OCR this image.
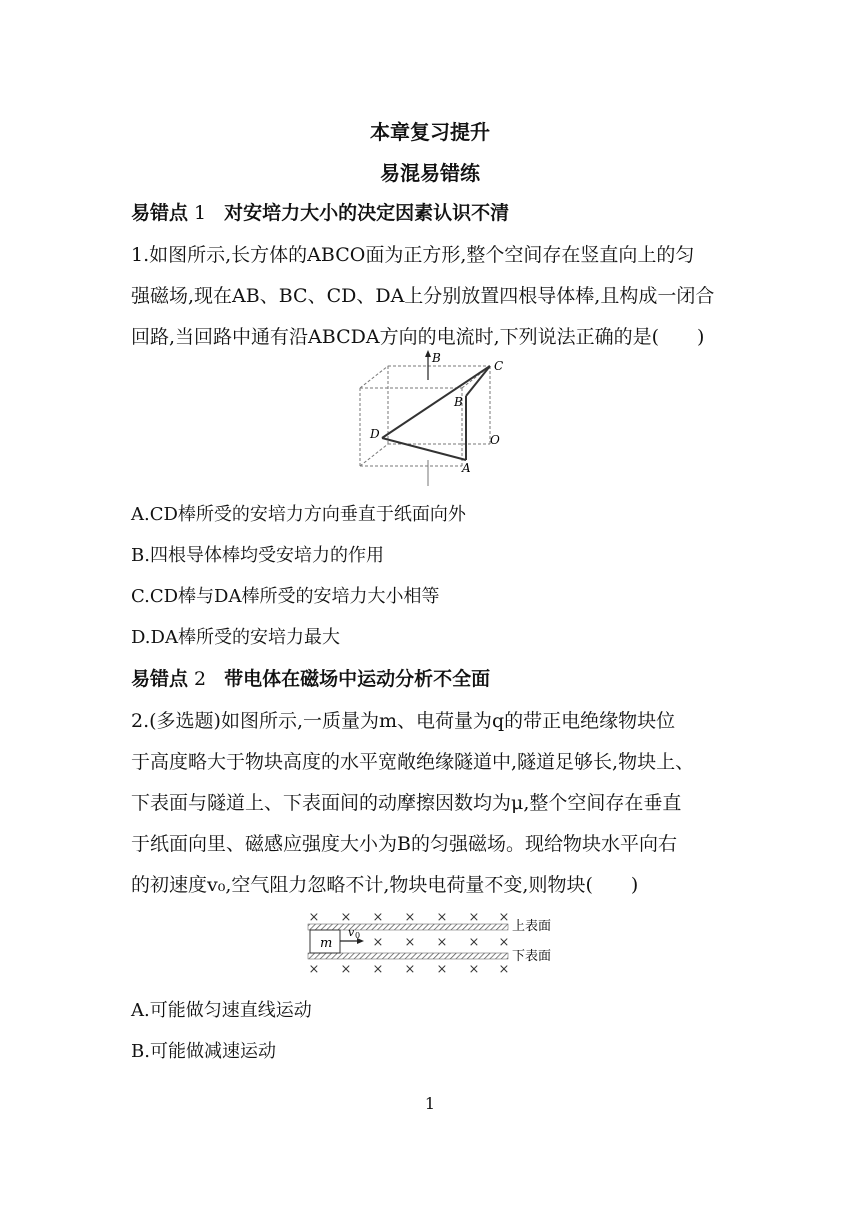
本章复习提升
易混易错练
易错点 1 对安培力大小的决定因素认识不清
1.如图所示,长方体的ABCO面为正方形,整个空间存在竖直向上的匀
强磁场,现在AB、BC、CD、DA上分别放置四根导体棒,且构成一闭合
回路,当回路中通有沿ABCDA方向的电流时,下列说法正确的是(　　)
B
C
B
D	O
A
A.CD棒所受的安培力方向垂直于纸面向外
B.四根导体棒均受安培力的作用
C.CD棒与DA棒所受的安培力大小相等
D.DA棒所受的安培力最大
易错点 2 带电体在磁场中运动分析不全面
2.(多选题)如图所示,一质量为m、电荷量为q的带正电绝缘物块位
于高度略大于物块高度的水平宽敞绝缘隧道中,隧道足够长,物块上、
下表面与隧道上、下表面间的动摩擦因数均为μ,整个空间存在垂直
于纸面向里、磁感应强度大小为B的匀强磁场。现给物块水平向右
的初速度v₀,空气阻力忽略不计,物块电荷量不变,则物块(　　)
× × × × × × ×
× × × × ×
× × × × × × ×
m
v 0
上表面
下表面
A.可能做匀速直线运动
B.可能做减速运动
1
